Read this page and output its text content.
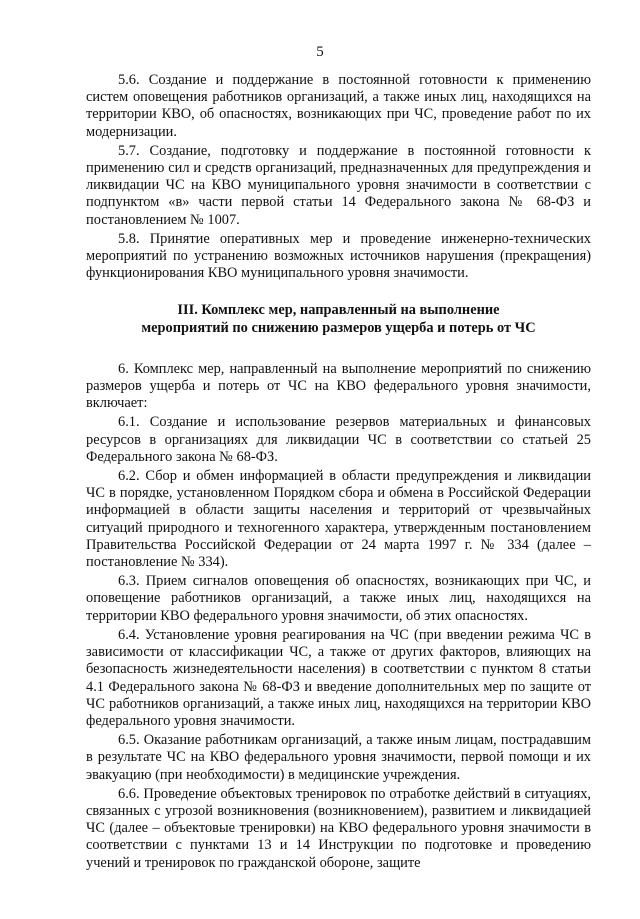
5

5.6. Создание и поддержание в постоянной готовности к применению систем оповещения работников организаций, а также иных лиц, находящихся на территории КВО, об опасностях, возникающих при ЧС, проведение работ по их модернизации.

5.7. Создание, подготовку и поддержание в постоянной готовности к применению сил и средств организаций, предназначенных для предупреждения и ликвидации ЧС на КВО муниципального уровня значимости в соответствии с подпунктом «в» части первой статьи 14 Федерального закона № 68-ФЗ и постановлением № 1007.

5.8. Принятие оперативных мер и проведение инженерно-технических мероприятий по устранению возможных источников нарушения (прекращения) функционирования КВО муниципального уровня значимости.

III. Комплекс мер, направленный на выполнение
мероприятий по снижению размеров ущерба и потерь от ЧС

6. Комплекс мер, направленный на выполнение мероприятий по снижению размеров ущерба и потерь от ЧС на КВО федерального уровня значимости, включает:

6.1. Создание и использование резервов материальных и финансовых ресурсов в организациях для ликвидации ЧС в соответствии со статьей 25 Федерального закона № 68-ФЗ.

6.2. Сбор и обмен информацией в области предупреждения и ликвидации ЧС в порядке, установленном Порядком сбора и обмена в Российской Федерации информацией в области защиты населения и территорий от чрезвычайных ситуаций природного и техногенного характера, утвержденным постановлением Правительства Российской Федерации от 24 марта 1997 г. № 334 (далее – постановление № 334).

6.3. Прием сигналов оповещения об опасностях, возникающих при ЧС, и оповещение работников организаций, а также иных лиц, находящихся на территории КВО федерального уровня значимости, об этих опасностях.

6.4. Установление уровня реагирования на ЧС (при введении режима ЧС в зависимости от классификации ЧС, а также от других факторов, влияющих на безопасность жизнедеятельности населения) в соответствии с пунктом 8 статьи 4.1 Федерального закона № 68-ФЗ и введение дополнительных мер по защите от ЧС работников организаций, а также иных лиц, находящихся на территории КВО федерального уровня значимости.

6.5. Оказание работникам организаций, а также иным лицам, пострадавшим в результате ЧС на КВО федерального уровня значимости, первой помощи и их эвакуацию (при необходимости) в медицинские учреждения.

6.6. Проведение объектовых тренировок по отработке действий в ситуациях, связанных с угрозой возникновения (возникновением), развитием и ликвидацией ЧС (далее – объектовые тренировки) на КВО федерального уровня значимости в соответствии с пунктами 13 и 14 Инструкции по подготовке и проведению учений и тренировок по гражданской обороне, защите
